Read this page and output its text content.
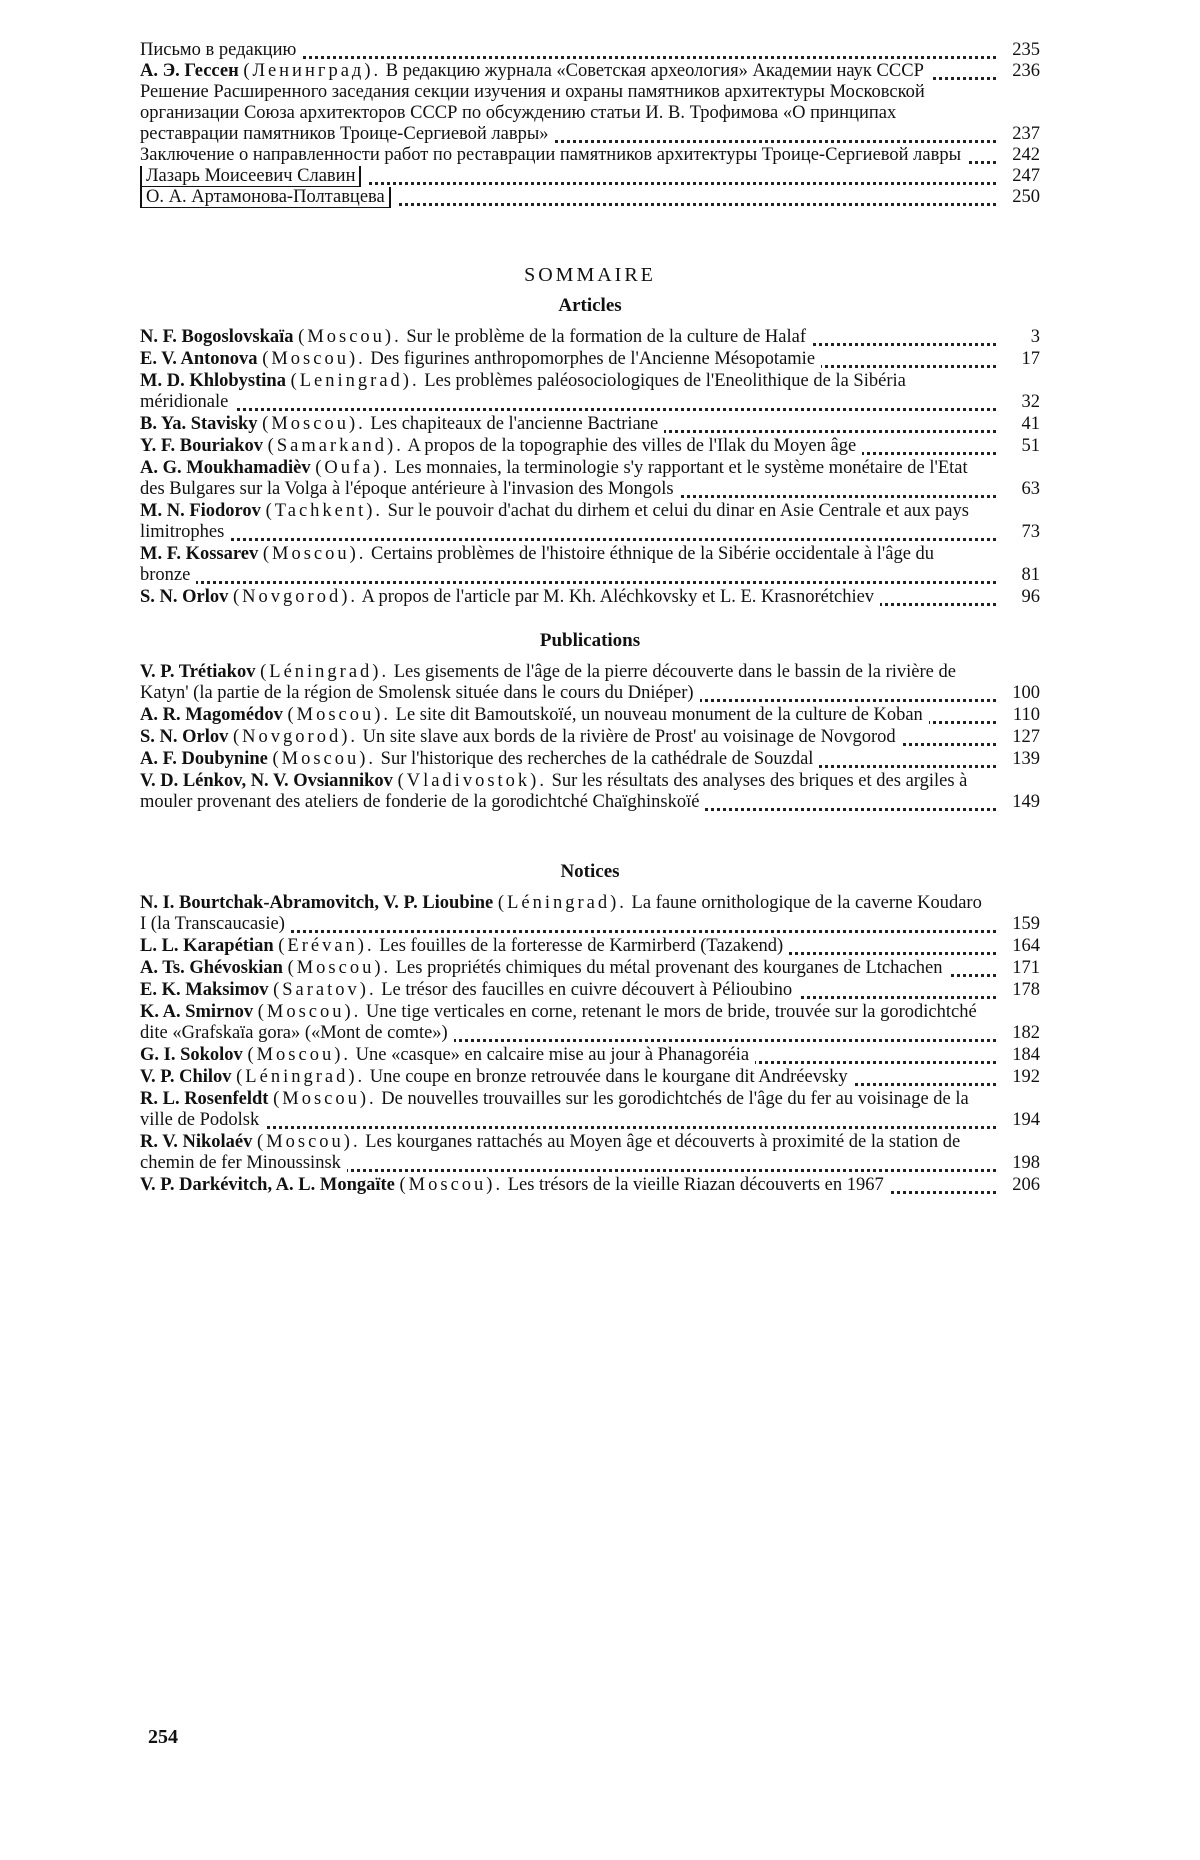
Письмо в редакцию	235
А. Э. Гессен (Ленинград). В редакцию журнала «Советская археология» Академии наук СССР	236
Решение Расширенного заседания секции изучения и охраны памятников архитектуры Московской организации Союза архитекторов СССР по обсуждению статьи И. В. Трофимова «О принципах реставрации памятников Троице-Сергиевой лавры»	237
Заключение о направленности работ по реставрации памятников архитектуры Троице-Сергиевой лавры	242
Лазарь Моисеевич Славин	247
О. А. Артамонова-Полтавцева	250
SOMMAIRE
Articles
N. F. Bogoslovskaïa (Moscou). Sur le problème de la formation de la culture de Halaf	3
E. V. Antonova (Moscou). Des figurines anthropomorphes de l'Ancienne Mésopotamie	17
M. D. Khlobystina (Leningrad). Les problèmes paléosociologiques de l'Eneolithique de la Sibéria méridionale	32
B. Ya. Stavisky (Moscou). Les chapiteaux de l'ancienne Bactriane	41
Y. F. Bouriakov (Samarkand). A propos de la topographie des villes de l'Ilak du Moyen âge	51
A. G. Moukhamadièv (Oufa). Les monnaies, la terminologie s'y rapportant et le système monétaire de l'Etat des Bulgares sur la Volga à l'époque antérieure à l'invasion des Mongols	63
M. N. Fiodorov (Tachkent). Sur le pouvoir d'achat du dirhem et celui du dinar en Asie Centrale et aux pays limitrophes	73
M. F. Kossarev (Moscou). Certains problèmes de l'histoire éthnique de la Sibérie occidentale à l'âge du bronze	81
S. N. Orlov (Novgorod). A propos de l'article par M. Kh. Aléchkovsky et L. E. Krasnorétchiev	96
Publications
V. P. Trétiakov (Léningrad). Les gisements de l'âge de la pierre découverte dans le bassin de la rivière de Katyn' (la partie de la région de Smolensk située dans le cours du Dniéper)	100
A. R. Magomédov (Moscou). Le site dit Bamoutskoïé, un nouveau monument de la culture de Koban	110
S. N. Orlov (Novgorod). Un site slave aux bords de la rivière de Prost' au voisinage de Novgorod	127
A. F. Doubynine (Moscou). Sur l'historique des recherches de la cathédrale de Souzdal	139
V. D. Lénkov, N. V. Ovsiannikov (Vladivostok). Sur les résultats des analyses des briques et des argiles à mouler provenant des ateliers de fonderie de la gorodichtché Chaïghinskoïé	149
Notices
N. I. Bourtchak-Abramovitch, V. P. Lioubine (Léningrad). La faune ornithologique de la caverne Koudaro I (la Transcaucasie)	159
L. L. Karapétian (Erévan). Les fouilles de la forteresse de Karmirberd (Tazakend)	164
A. Ts. Ghévoskian (Moscou). Les propriétés chimiques du métal provenant des kourganes de Ltchachen	171
E. K. Maksimov (Saratov). Le trésor des faucilles en cuivre découvert à Pélioubino	178
K. A. Smirnov (Moscou). Une tige verticales en corne, retenant le mors de bride, trouvée sur la gorodichtché dite «Grafskaïa gora» («Mont de comte»)	182
G. I. Sokolov (Moscou). Une «casque» en calcaire mise au jour à Phanagoréia	184
V. P. Chilov (Léningrad). Une coupe en bronze retrouvée dans le kourgane dit Andréevsky	192
R. L. Rosenfeldt (Moscou). De nouvelles trouvailles sur les gorodichtchés de l'âge du fer au voisinage de la ville de Podolsk	194
R. V. Nikolaév (Moscou). Les kourganes rattachés au Moyen âge et découverts à proximité de la station de chemin de fer Minoussinsk	198
V. P. Darkévitch, A. L. Mongaïte (Moscou). Les trésors de la vieille Riazan découverts en 1967	206
254
